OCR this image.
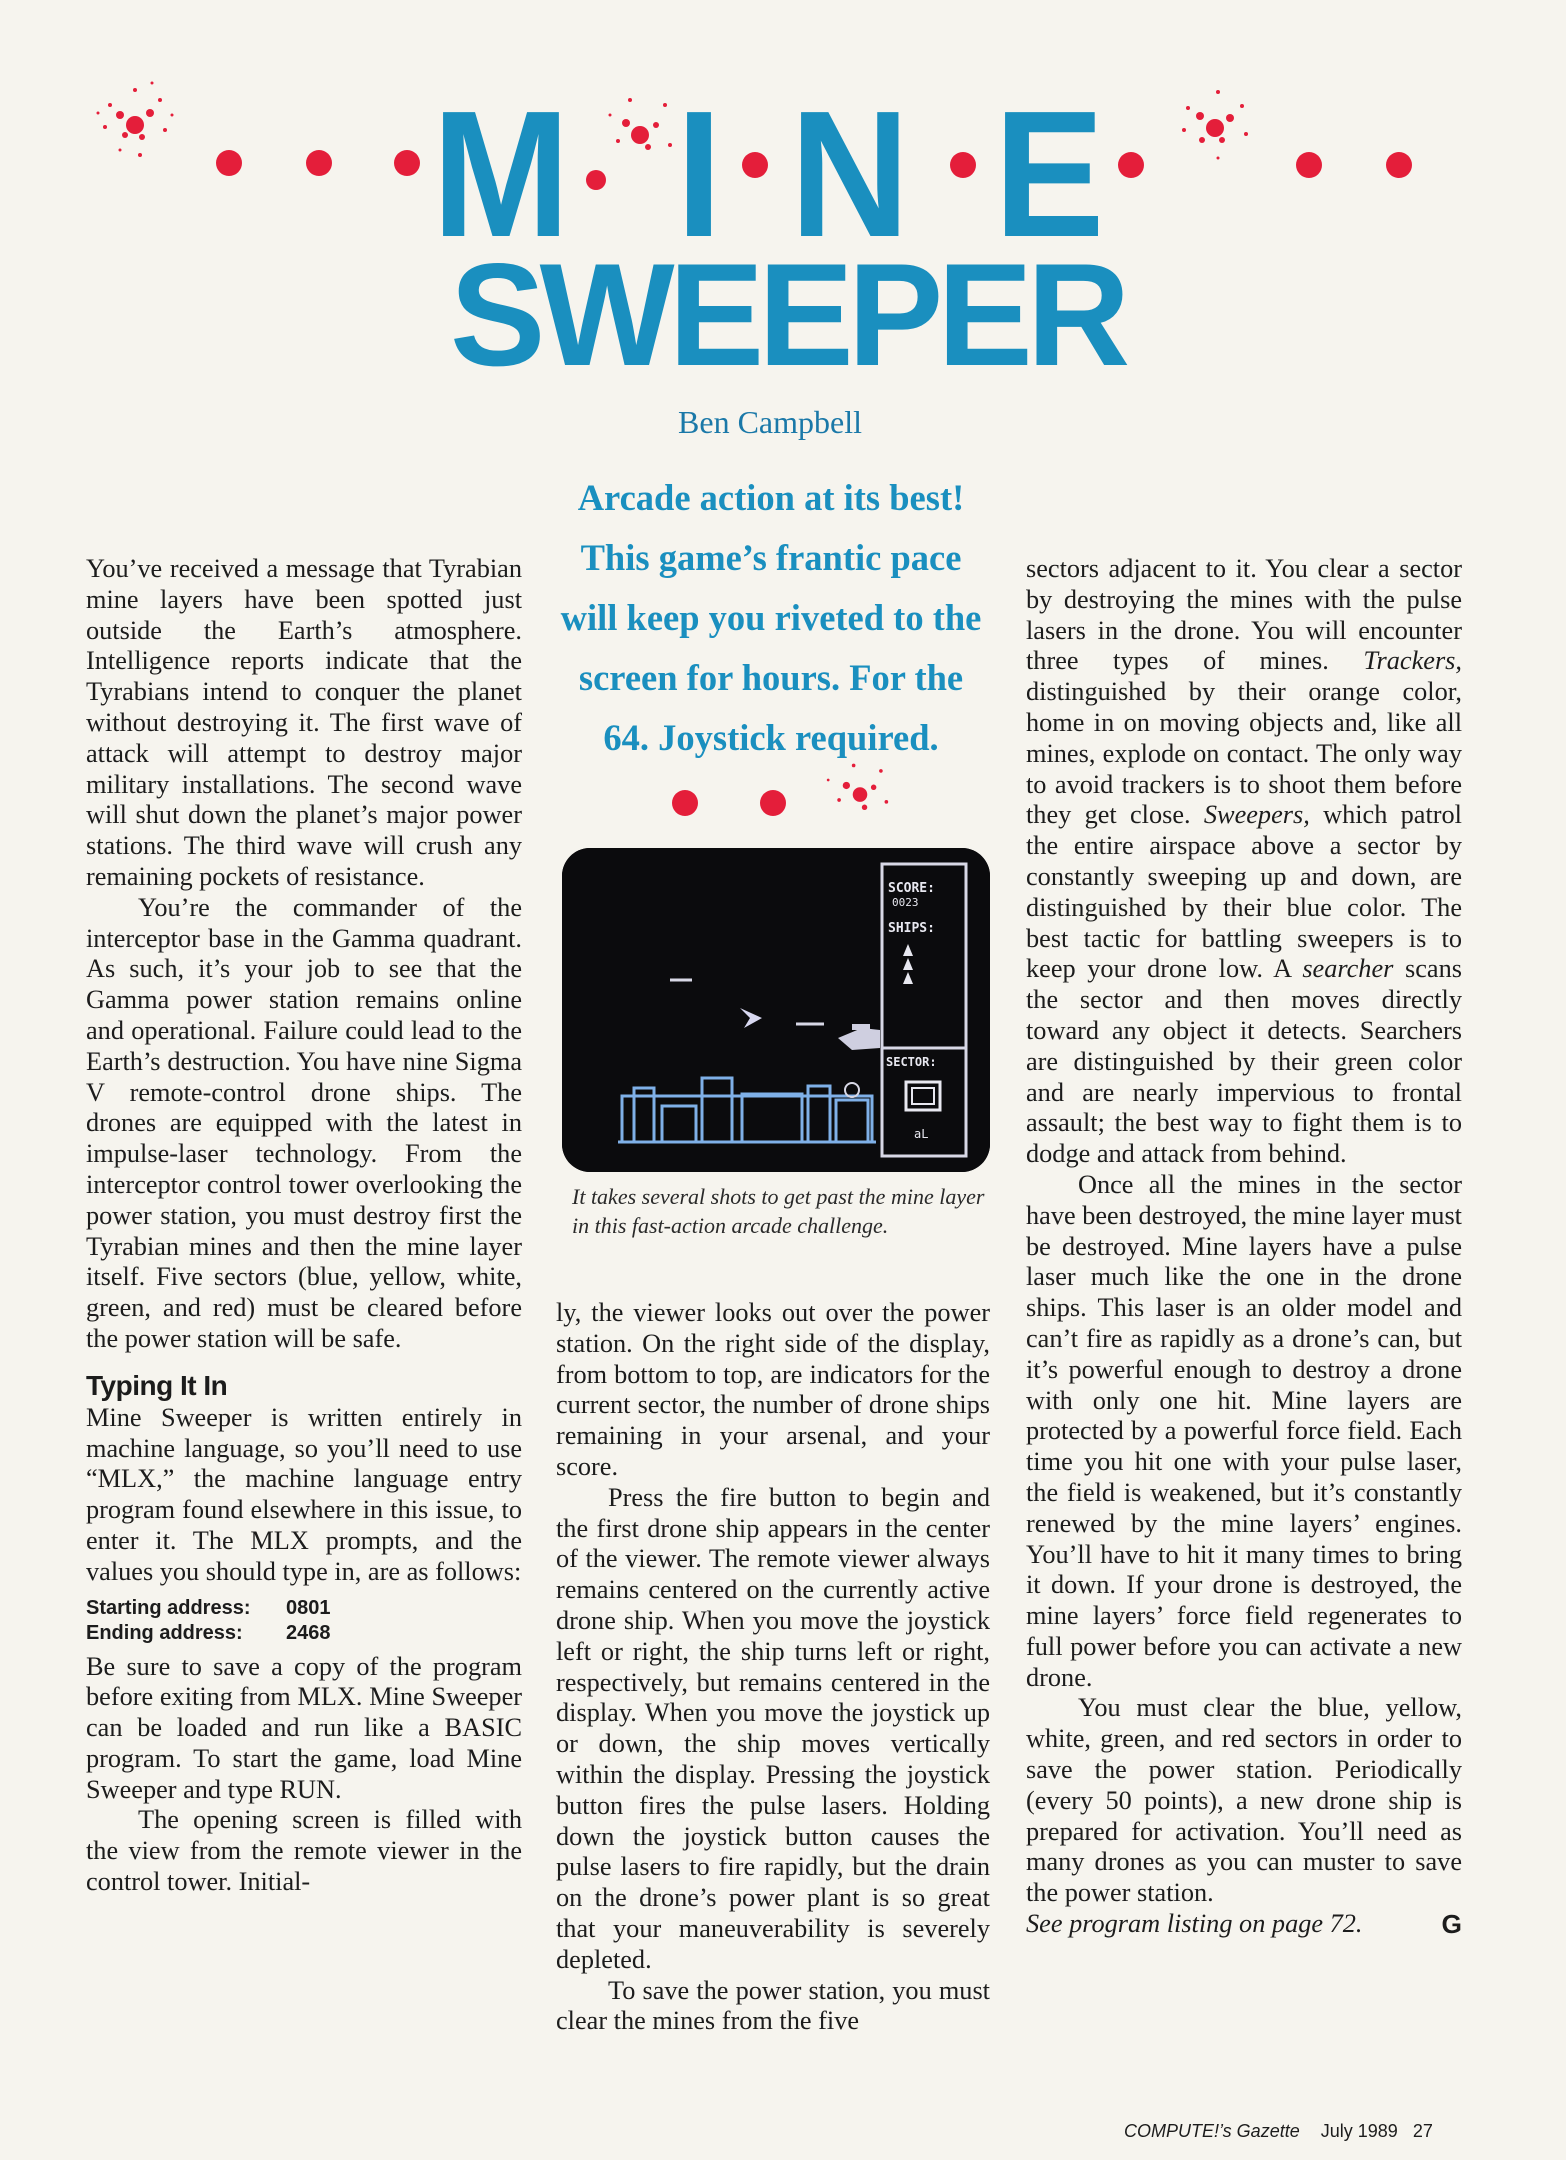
M I N E
SWEEPER
Ben Campbell
Arcade action at its best! This game’s frantic pace will keep you riveted to the screen for hours. For the 64. Joystick required.

You’ve received a message that Tyrabian mine layers have been spotted just outside the Earth’s atmosphere. Intelligence reports indicate that the Tyrabians intend to conquer the planet without destroying it. The first wave of attack will attempt to destroy major military installations. The second wave will shut down the planet’s major power stations. The third wave will crush any remaining pockets of resistance.

You’re the commander of the interceptor base in the Gamma quadrant. As such, it’s your job to see that the Gamma power station remains online and operational. Failure could lead to the Earth’s destruction. You have nine Sigma V remote-control drone ships. The drones are equipped with the latest in impulse-laser technology. From the interceptor control tower overlooking the power station, you must destroy first the Tyrabian mines and then the mine layer itself. Five sectors (blue, yellow, white, green, and red) must be cleared before the power station will be safe.

Typing It In

Mine Sweeper is written entirely in machine language, so you’ll need to use “MLX,” the machine language entry program found elsewhere in this issue, to enter it. The MLX prompts, and the values you should type in, are as follows:

Starting address: 0801
Ending address: 2468

Be sure to save a copy of the program before exiting from MLX. Mine Sweeper can be loaded and run like a BASIC program. To start the game, load Mine Sweeper and type RUN.

The opening screen is filled with the view from the remote viewer in the control tower. Initial-

SCORE:
0023
SHIPS:
SECTOR:
aL
It takes several shots to get past the mine layer in this fast-action arcade challenge.

ly, the viewer looks out over the power station. On the right side of the display, from bottom to top, are indicators for the current sector, the number of drone ships remaining in your arsenal, and your score.

Press the fire button to begin and the first drone ship appears in the center of the viewer. The remote viewer always remains centered on the currently active drone ship. When you move the joystick left or right, the ship turns left or right, respectively, but remains centered in the display. When you move the joystick up or down, the ship moves vertically within the display. Pressing the joystick button fires the pulse lasers. Holding down the joystick button causes the pulse lasers to fire rapidly, but the drain on the drone’s power plant is so great that your maneuverability is severely depleted.

To save the power station, you must clear the mines from the five

sectors adjacent to it. You clear a sector by destroying the mines with the pulse lasers in the drone. You will encounter three types of mines. Trackers, distinguished by their orange color, home in on moving objects and, like all mines, explode on contact. The only way to avoid trackers is to shoot them before they get close. Sweepers, which patrol the entire airspace above a sector by constantly sweeping up and down, are distinguished by their blue color. The best tactic for battling sweepers is to keep your drone low. A searcher scans the sector and then moves directly toward any object it detects. Searchers are distinguished by their green color and are nearly impervious to frontal assault; the best way to fight them is to dodge and attack from behind.

Once all the mines in the sector have been destroyed, the mine layer must be destroyed. Mine layers have a pulse laser much like the one in the drone ships. This laser is an older model and can’t fire as rapidly as a drone’s can, but it’s powerful enough to destroy a drone with only one hit. Mine layers are protected by a powerful force field. Each time you hit one with your pulse laser, the field is weakened, but it’s constantly renewed by the mine layers’ engines. You’ll have to hit it many times to bring it down. If your drone is destroyed, the mine layers’ force field regenerates to full power before you can activate a new drone.

You must clear the blue, yellow, white, green, and red sectors in order to save the power station. Periodically (every 50 points), a new drone ship is prepared for activation. You’ll need as many drones as you can muster to save the power station.

See program listing on page 72.	G

COMPUTE!’s Gazette July 1989 27
